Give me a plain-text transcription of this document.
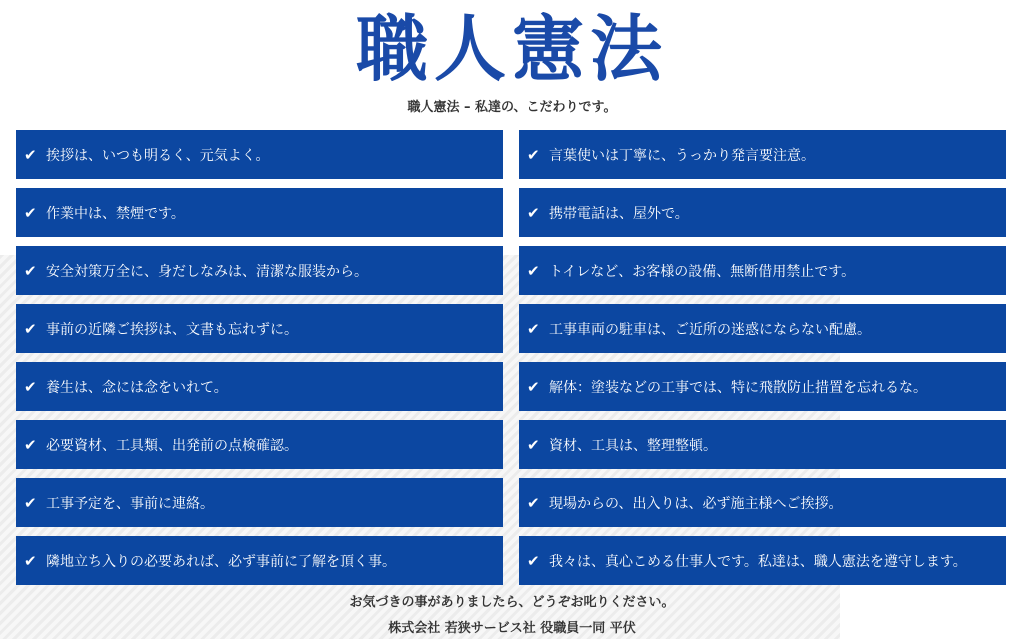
職人憲法
職人憲法 – 私達の、こだわりです。
✔ 挨拶は、いつも明るく、元気よく。	✔ 言葉使いは丁寧に、うっかり発言要注意。
✔ 作業中は、禁煙です。	✔ 携帯電話は、屋外で。
✔ 安全対策万全に、身だしなみは、清潔な服装から。	✔ トイレなど、お客様の設備、無断借用禁止です。
✔ 事前の近隣ご挨拶は、文書も忘れずに。	✔ 工事車両の駐車は、ご近所の迷惑にならない配慮。
✔ 養生は、念には念をいれて。	✔ 解体：塗装などの工事では、特に飛散防止措置を忘れるな。
✔ 必要資材、工具類、出発前の点検確認。	✔ 資材、工具は、整理整頓。
✔ 工事予定を、事前に連絡。	✔ 現場からの、出入りは、必ず施主様へご挨拶。
✔ 隣地立ち入りの必要あれば、必ず事前に了解を頂く事。	✔ 我々は、真心こめる仕事人です。私達は、職人憲法を遵守します。
お気づきの事がありましたら、どうぞお叱りください。
株式会社 若狭サービス社 役職員一同 平伏
